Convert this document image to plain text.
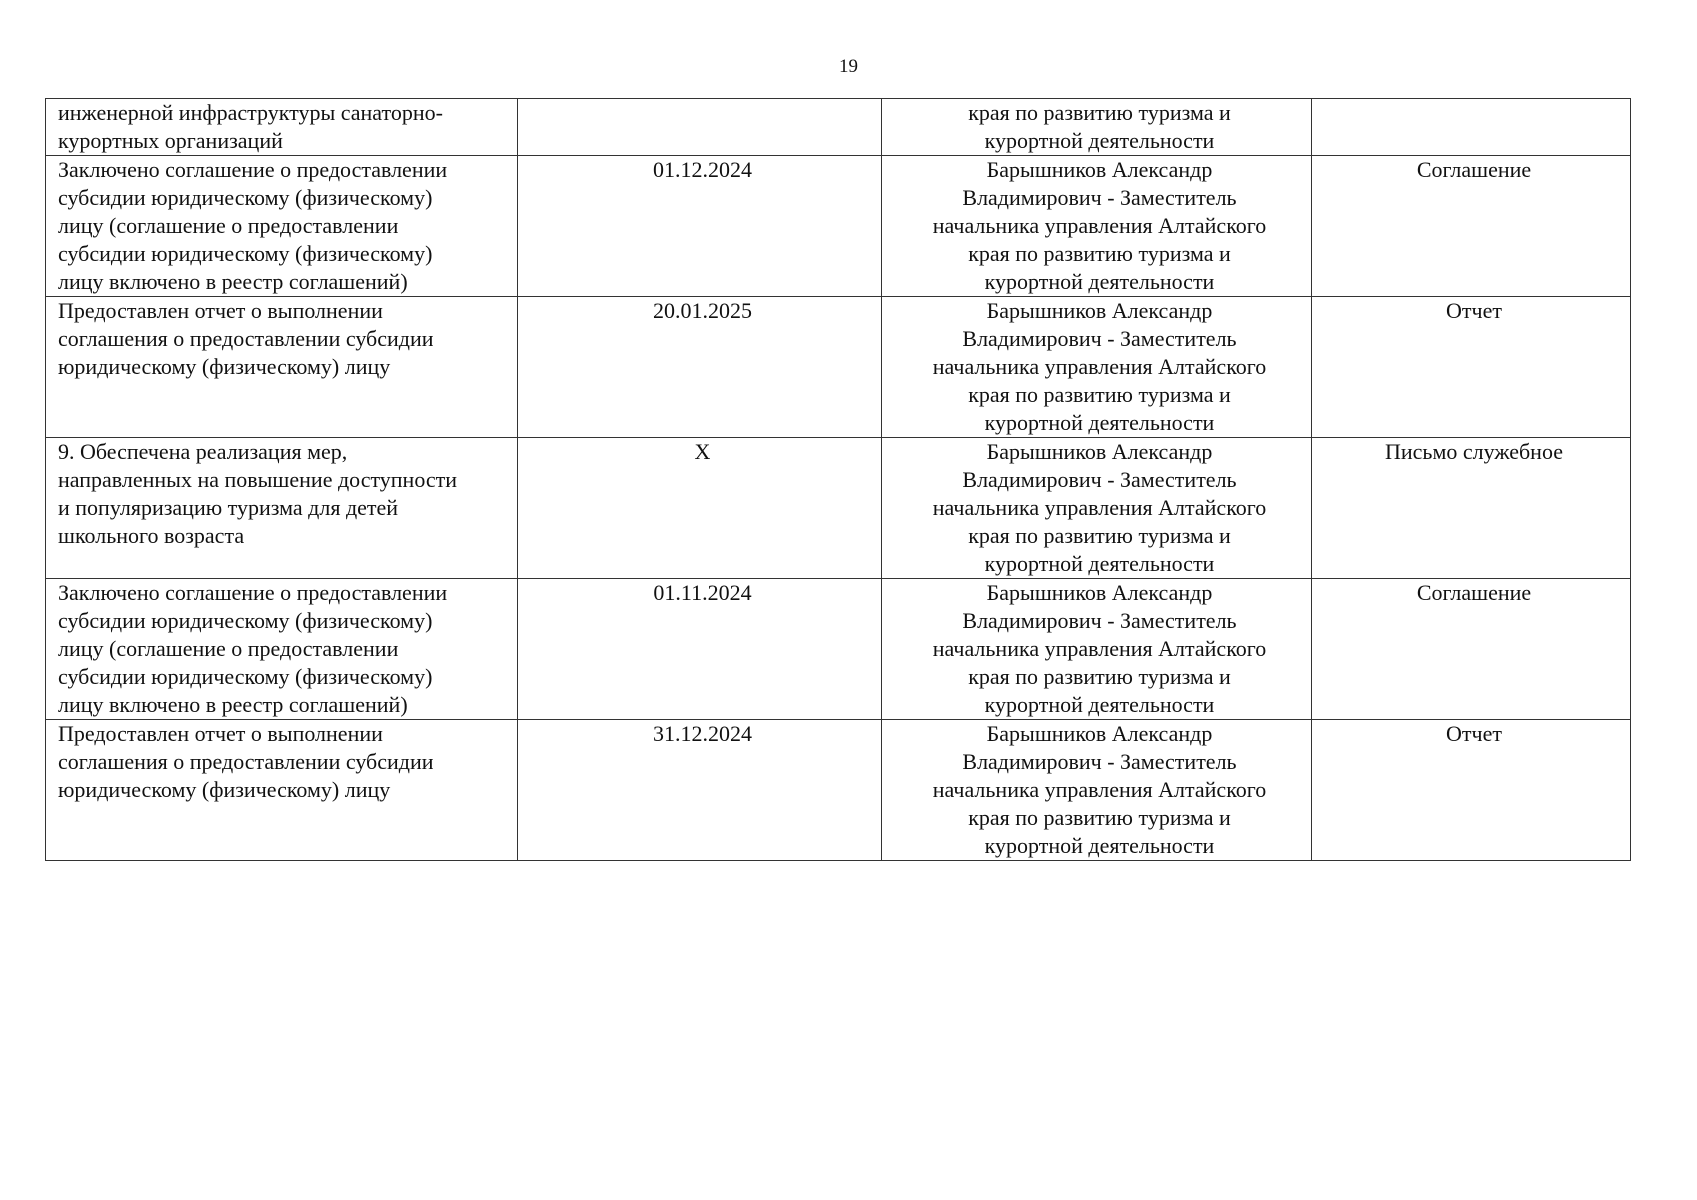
19
инженерной инфраструктуры санаторно-
курортных организаций		края по развитию туризма и
курортной деятельности	

Заключено соглашение о предоставлении
субсидии юридическому (физическому)
лицу (соглашение о предоставлении
субсидии юридическому (физическому)
лицу включено в реестр соглашений)	01.12.2024	Барышников Александр
Владимирович - Заместитель
начальника управления Алтайского
края по развитию туризма и
курортной деятельности	Соглашение

Предоставлен отчет о выполнении
соглашения о предоставлении субсидии
юридическому (физическому) лицу	20.01.2025	Барышников Александр
Владимирович - Заместитель
начальника управления Алтайского
края по развитию туризма и
курортной деятельности	Отчет

9. Обеспечена реализация мер,
направленных на повышение доступности
и популяризацию туризма для детей
школьного возраста	X	Барышников Александр
Владимирович - Заместитель
начальника управления Алтайского
края по развитию туризма и
курортной деятельности	Письмо служебное

Заключено соглашение о предоставлении
субсидии юридическому (физическому)
лицу (соглашение о предоставлении
субсидии юридическому (физическому)
лицу включено в реестр соглашений)	01.11.2024	Барышников Александр
Владимирович - Заместитель
начальника управления Алтайского
края по развитию туризма и
курортной деятельности	Соглашение

Предоставлен отчет о выполнении
соглашения о предоставлении субсидии
юридическому (физическому) лицу	31.12.2024	Барышников Александр
Владимирович - Заместитель
начальника управления Алтайского
края по развитию туризма и
курортной деятельности	Отчет
